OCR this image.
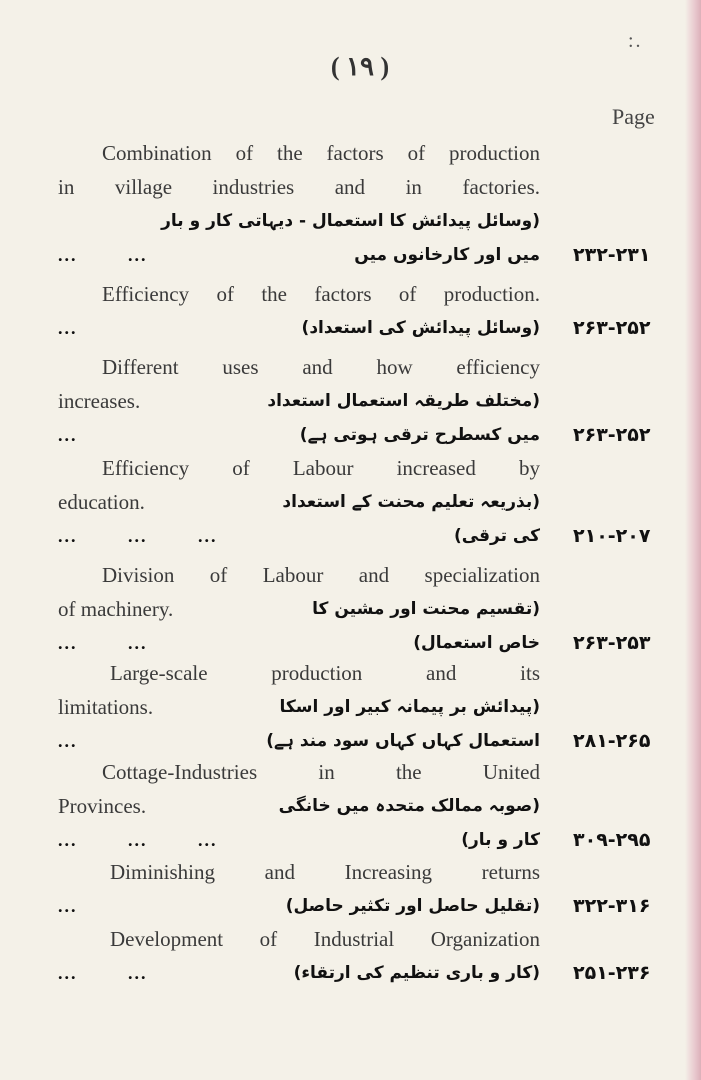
:.
( ١٩ )
Page
Combination of the factors of production
in village industries and in factories.
(وسائل پیدائش کا استعمال - دیہاتی کار و بار
...	...	میں اور کارخانوں میں ۲۳۲-۲۳۱
Efficiency of the factors of production.
...	(وسائل پیدائش کی استعداد) ۲۶۳-۲۵۲
Different uses and how efficiency
increases.	(مختلف طریقہ استعمال استعداد
...	میں کسطرح ترقی ہوتی ہے) ۲۶۳-۲۵۲
Efficiency of Labour increased by
education.	(بذریعہ تعلیم محنت کے استعداد
...	...	...	کی ترقی) ۲۱۰-۲۰۷
Division of Labour and specialization
of machinery.	(تقسیم محنت اور مشین کا
...	...	خاص استعمال) ۲۶۳-۲۵۳
Large-scale production and its
limitations.	(پیدائش بر پیمانہ کبیر اور اسکا
...	استعمال کہاں کہاں سود مند ہے) ۲۸۱-۲۶۵
Cottage-Industries in the United
Provinces.	(صوبہ ممالک متحدہ میں خانگی
...	...	...	کار و بار) ۳۰۹-۲۹۵
Diminishing and Increasing returns
...	(تقلیل حاصل اور تکثیر حاصل) ۳۲۲-۳۱۶
Development of Industrial Organization
...	...	(کار و باری تنظیم کی ارتقاء) ۲۵۱-۲۳۶
